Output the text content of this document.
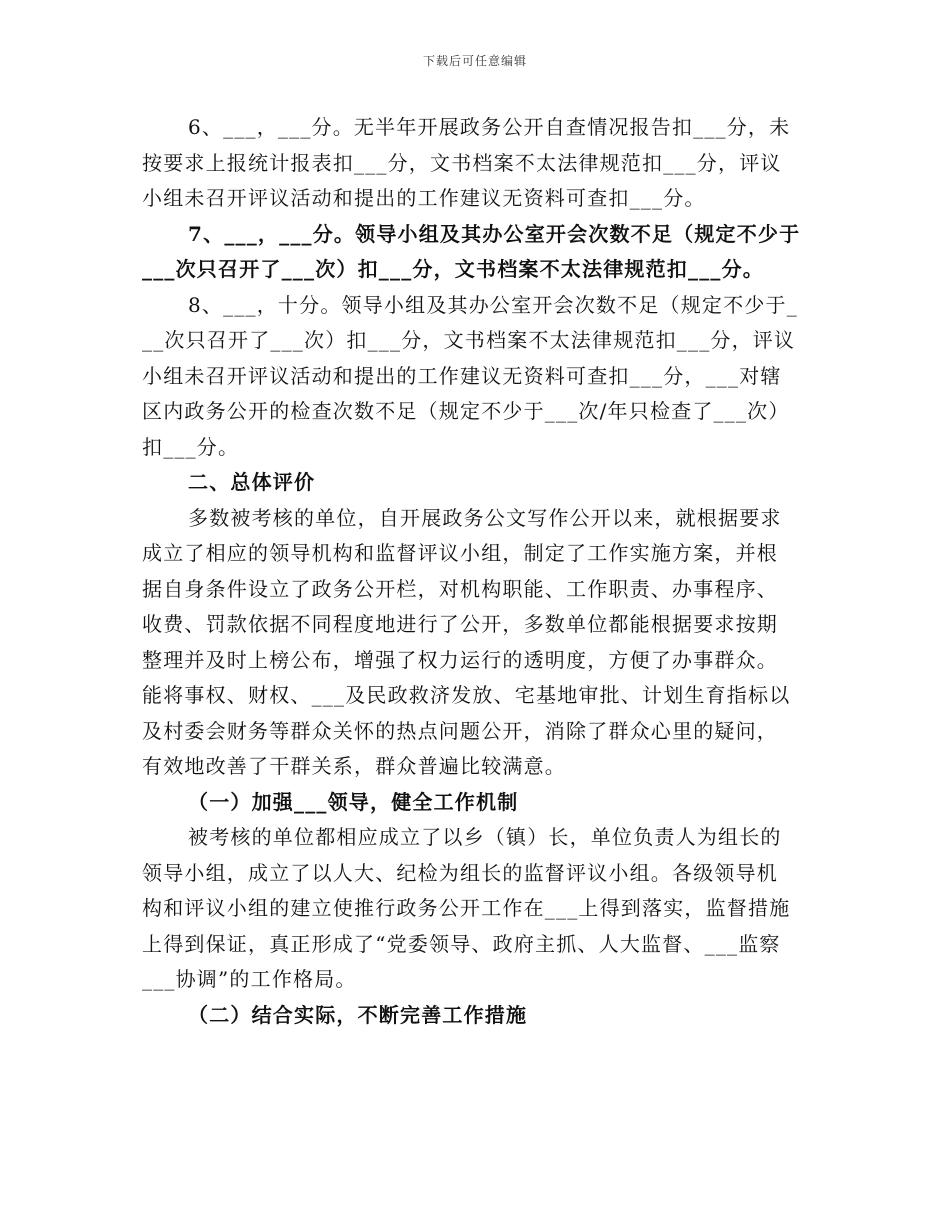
下载后可任意编辑
6、___，___分。无半年开展政务公开自查情况报告扣___分，未
按要求上报统计报表扣___分，文书档案不太法律规范扣___分，评议
小组未召开评议活动和提出的工作建议无资料可查扣___分。
7、___，___分。领导小组及其办公室开会次数不足（规定不少于
___次只召开了___次）扣___分，文书档案不太法律规范扣___分。
8、___，十分。领导小组及其办公室开会次数不足（规定不少于_
__次只召开了___次）扣___分，文书档案不太法律规范扣___分，评议
小组未召开评议活动和提出的工作建议无资料可查扣___分，___对辖
区内政务公开的检查次数不足（规定不少于___次/年只检查了___次）
扣___分。
二、总体评价
多数被考核的单位，自开展政务公文写作公开以来，就根据要求
成立了相应的领导机构和监督评议小组，制定了工作实施方案，并根
据自身条件设立了政务公开栏，对机构职能、工作职责、办事程序、
收费、罚款依据不同程度地进行了公开，多数单位都能根据要求按期
整理并及时上榜公布，增强了权力运行的透明度，方便了办事群众。
能将事权、财权、___及民政救济发放、宅基地审批、计划生育指标以
及村委会财务等群众关怀的热点问题公开，消除了群众心里的疑问，
有效地改善了干群关系，群众普遍比较满意。
（一）加强___领导，健全工作机制
被考核的单位都相应成立了以乡（镇）长，单位负责人为组长的
领导小组，成立了以人大、纪检为组长的监督评议小组。各级领导机
构和评议小组的建立使推行政务公开工作在___上得到落实，监督措施
上得到保证，真正形成了“党委领导、政府主抓、人大监督、___监察
___协调”的工作格局。
（二）结合实际，不断完善工作措施
